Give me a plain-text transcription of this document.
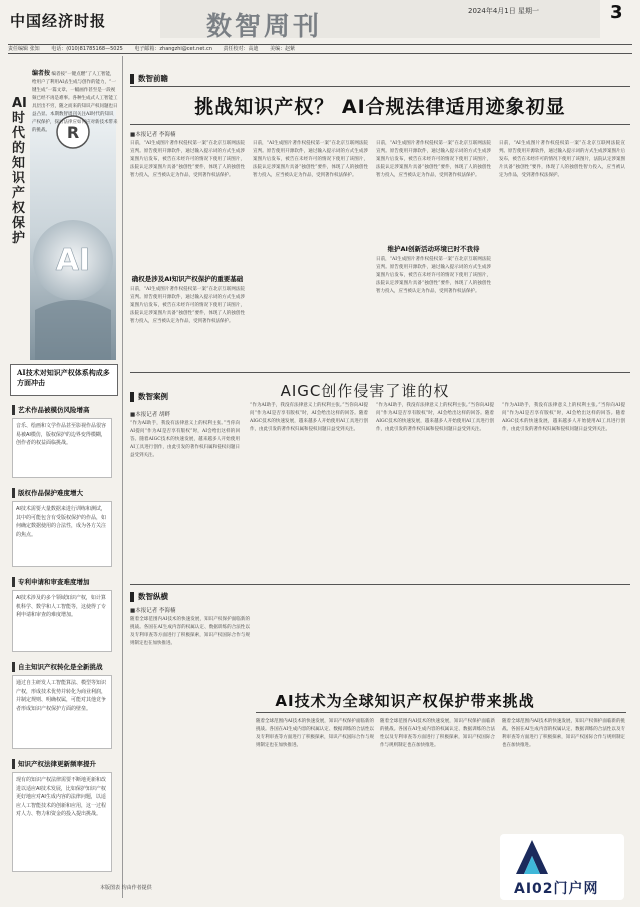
中国经济时报	数智周刊
2024年4月1日 星期一	3
责任编辑 张知 电话：(010)81785168—5025 电子邮箱：zhangzhi@cet.net.cn 责任校对：高迪 美编：赵紫
AI时代的知识产权保护
R
AI
编者按 编者按“一键点燃”了人工智能，给用户了利用AI去生成与创作的能力，“一键生成”一篇文章、一幅画作甚至是一段视频已经不再是难事。各种生成式人工智能工具层出不穷，随之而来的知识产权问题也日益凸显。本期数智周刊关注AI时代的知识产权保护，探讨法律应如何应对新技术带来的挑战。
AI技术对知识产权体系构成多方面冲击
艺术作品被模仿风险增高
音乐、绘画和文学作品甚至影视作品很容易被AI模仿，版权保护的边界变得模糊，创作者的权益面临挑战。
版权作品保护难度增大
AI技术需要大量数据来进行训练和测试，其中的可能包含有受版权保护的作品，如何确定数据使用的合法性，成为各方关注的焦点。
专利申请和审查难度增加
AI技术涉及的多个领域知识产权，如计算机科学、数学和人工智能等，这使得了专利申请和审查的难度增加。
自主知识产权转化是全新挑战
通过自主研发人工智能算法、模型等知识产权，形成技术优势并转化为商业利润，并制定规则、明确权属，可能对其他竞争者形成知识产权保护方面的壁垒。
知识产权法律更新频率提升
现有的知识产权法律需要不断地更新和改进以适应AI技术发展，比如保护知识产权更好地应对AI生成内容的法律问题，以适应人工智能技术的创新和应用，这一过程对人力、物力和资金的投入提出挑战。
数智前瞻
挑战知识产权？ AI合规法律适用迹象初显
■本报记者 李海楠
日前，“AI生成图片著作权侵权第一案”在北京互联网法院宣判。原告使用开源软件，通过输入提示词的方式生成涉案图片后发布，被告在未经许可的情况下使用了该图片，法院认定涉案图片具备“独创性”要件，体现了人的独创性智力投入，应当被认定为作品，受到著作权法保护。
确权是涉及AI知识产权保护的重要基础
日前，“AI生成图片著作权侵权第一案”在北京互联网法院宣判。原告使用开源软件，通过输入提示词的方式生成涉案图片后发布，被告在未经许可的情况下使用了该图片，法院认定涉案图片具备“独创性”要件，体现了人的独创性智力投入，应当被认定为作品，受到著作权法保护。
日前，“AI生成图片著作权侵权第一案”在北京互联网法院宣判。原告使用开源软件，通过输入提示词的方式生成涉案图片后发布，被告在未经许可的情况下使用了该图片，法院认定涉案图片具备“独创性”要件，体现了人的独创性智力投入，应当被认定为作品，受到著作权法保护。
日前，“AI生成图片著作权侵权第一案”在北京互联网法院宣判。原告使用开源软件，通过输入提示词的方式生成涉案图片后发布，被告在未经许可的情况下使用了该图片，法院认定涉案图片具备“独创性”要件，体现了人的独创性智力投入，应当被认定为作品，受到著作权法保护。
维护AI创新活动环境已时不我待
日前，“AI生成图片著作权侵权第一案”在北京互联网法院宣判。原告使用开源软件，通过输入提示词的方式生成涉案图片后发布，被告在未经许可的情况下使用了该图片，法院认定涉案图片具备“独创性”要件，体现了人的独创性智力投入，应当被认定为作品，受到著作权法保护。
日前，“AI生成图片著作权侵权第一案”在北京互联网法院宣判。原告使用开源软件，通过输入提示词的方式生成涉案图片后发布，被告在未经许可的情况下使用了该图片，法院认定涉案图片具备“独创性”要件，体现了人的独创性智力投入，应当被认定为作品，受到著作权法保护。
数智案例	AIGC创作侵害了谁的权
■本报记者 胡畔
“作为AI助手，我没有法律意义上的权利主张。”当你向AI提问“作为AI是否享有版权”时，AI会给出这样的回答。随着AIGC技术的快速发展，越来越多人开始使用AI工具进行创作，由此引发的著作权归属和侵权问题日益受到关注。
“作为AI助手，我没有法律意义上的权利主张。”当你向AI提问“作为AI是否享有版权”时，AI会给出这样的回答。随着AIGC技术的快速发展，越来越多人开始使用AI工具进行创作，由此引发的著作权归属和侵权问题日益受到关注。
“作为AI助手，我没有法律意义上的权利主张。”当你向AI提问“作为AI是否享有版权”时，AI会给出这样的回答。随着AIGC技术的快速发展，越来越多人开始使用AI工具进行创作，由此引发的著作权归属和侵权问题日益受到关注。
“作为AI助手，我没有法律意义上的权利主张。”当你向AI提问“作为AI是否享有版权”时，AI会给出这样的回答。随着AIGC技术的快速发展，越来越多人开始使用AI工具进行创作，由此引发的著作权归属和侵权问题日益受到关注。
数智纵横
■本报记者 李海楠
随着全球范围内AI技术的快速发展，知识产权保护面临新的挑战。各国在AI生成内容的权属认定、数据训练的合法性以及专利审查等方面进行了积极探索，知识产权国际合作与规则制定也在加快推进。
AI技术为全球知识产权保护带来挑战
随着全球范围内AI技术的快速发展，知识产权保护面临新的挑战。各国在AI生成内容的权属认定、数据训练的合法性以及专利审查等方面进行了积极探索，知识产权国际合作与规则制定也在加快推进。
随着全球范围内AI技术的快速发展，知识产权保护面临新的挑战。各国在AI生成内容的权属认定、数据训练的合法性以及专利审查等方面进行了积极探索，知识产权国际合作与规则制定也在加快推进。
随着全球范围内AI技术的快速发展，知识产权保护面临新的挑战。各国在AI生成内容的权属认定、数据训练的合法性以及专利审查等方面进行了积极探索，知识产权国际合作与规则制定也在加快推进。
本版图表 均由作者提供	AI02门户网
